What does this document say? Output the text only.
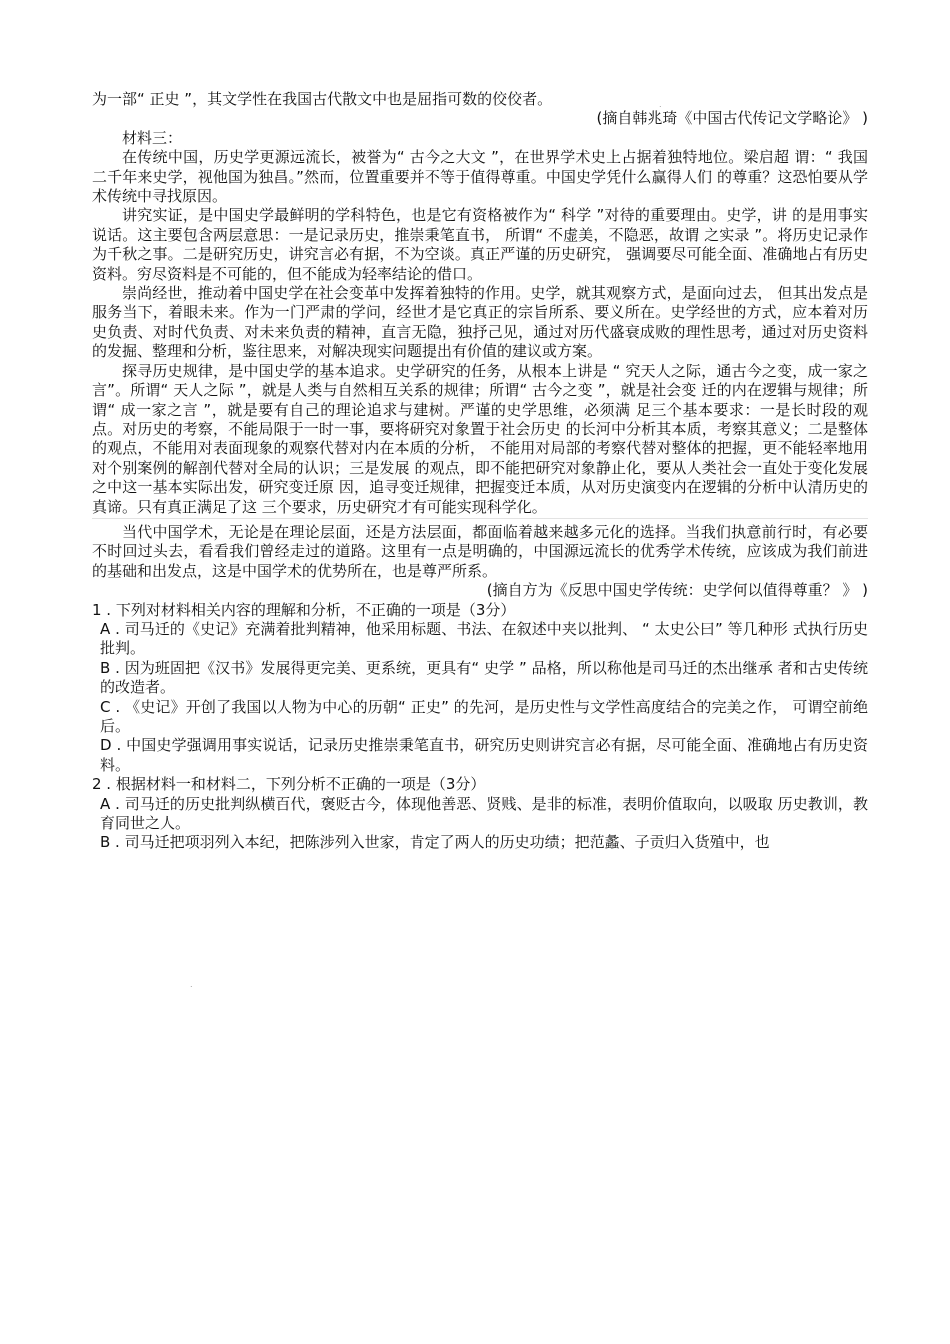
为一部“ 正史 ”，其文学性在我国古代散文中也是屈指可数的佼佼者。

(摘自韩兆琦《中国古代传记文学略论》 )

材料三：

在传统中国，历史学更源远流长，被誉为“ 古今之大文 ”，在世界学术史上占据着独特地位。梁启超 谓：“ 我国二千年来史学，视他国为独昌。”然而，位置重要并不等于值得尊重。中国史学凭什么赢得人们 的尊重？这恐怕要从学术传统中寻找原因。

讲究实证，是中国史学最鲜明的学科特色，也是它有资格被作为“ 科学 ”对待的重要理由。史学，讲 的是用事实说话。这主要包含两层意思：一是记录历史，推崇秉笔直书， 所谓“ 不虚美，不隐恶，故谓 之实录 ”。将历史记录作为千秋之事。二是研究历史，讲究言必有据，不为空谈。真正严谨的历史研究， 强调要尽可能全面、准确地占有历史资料。穷尽资料是不可能的，但不能成为轻率结论的借口。

崇尚经世，推动着中国史学在社会变革中发挥着独特的作用。史学，就其观察方式，是面向过去， 但其出发点是服务当下，着眼未来。作为一门严肃的学问，经世才是它真正的宗旨所系、要义所在。史学经世的方式，应本着对历史负责、对时代负责、对未来负责的精神，直言无隐，独抒己见，通过对历代盛衰成败的理性思考，通过对历史资料的发掘、整理和分析，鉴往思来，对解决现实问题提出有价值的建议或方案。

探寻历史规律，是中国史学的基本追求。史学研究的任务，从根本上讲是 “ 究天人之际，通古今之变，成一家之言”。所谓“ 天人之际 ”，就是人类与自然相互关系的规律；所谓“ 古今之变 ”，就是社会变 迁的内在逻辑与规律；所谓“ 成一家之言 ”，就是要有自己的理论追求与建树。严谨的史学思维，必须满 足三个基本要求：一是长时段的观点。对历史的考察，不能局限于一时一事，要将研究对象置于社会历史 的长河中分析其本质，考察其意义；二是整体的观点，不能用对表面现象的观察代替对内在本质的分析， 不能用对局部的考察代替对整体的把握，更不能轻率地用对个别案例的解剖代替对全局的认识；三是发展 的观点，即不能把研究对象静止化，要从人类社会一直处于变化发展之中这一基本实际出发，研究变迁原 因，追寻变迁规律，把握变迁本质，从对历史演变内在逻辑的分析中认清历史的真谛。只有真正满足了这 三个要求，历史研究才有可能实现科学化。

当代中国学术，无论是在理论层面，还是方法层面，都面临着越来越多元化的选择。当我们执意前行时，有必要不时回过头去，看看我们曾经走过的道路。这里有一点是明确的，中国源远流长的优秀学术传统，应该成为我们前进的基础和出发点，这是中国学术的优势所在，也是尊严所系。

(摘自方为《反思中国史学传统：史学何以值得尊重？ 》 )

1 . 下列对材料相关内容的理解和分析，不正确的一项是（3分）

A . 司马迁的《史记》充满着批判精神，他采用标题、书法、在叙述中夹以批判、 “ 太史公曰” 等几种形 式执行历史批判。

B . 因为班固把《汉书》发展得更完美、更系统，更具有“ 史学 ” 品格，所以称他是司马迁的杰出继承 者和古史传统的改造者。

C . 《史记》开创了我国以人物为中心的历朝“ 正史” 的先河，是历史性与文学性高度结合的完美之作， 可谓空前绝后。

D . 中国史学强调用事实说话，记录历史推崇秉笔直书，研究历史则讲究言必有据，尽可能全面、准确地占有历史资料。

2 . 根据材料一和材料二，下列分析不正确的一项是（3分）

A . 司马迁的历史批判纵横百代，褒贬古今，体现他善恶、贤贱、是非的标准，表明价值取向，以吸取 历史教训，教育同世之人。

B . 司马迁把项羽列入本纪，把陈涉列入世家，肯定了两人的历史功绩；把范蠡、子贡归入货殖中，也

.
.
